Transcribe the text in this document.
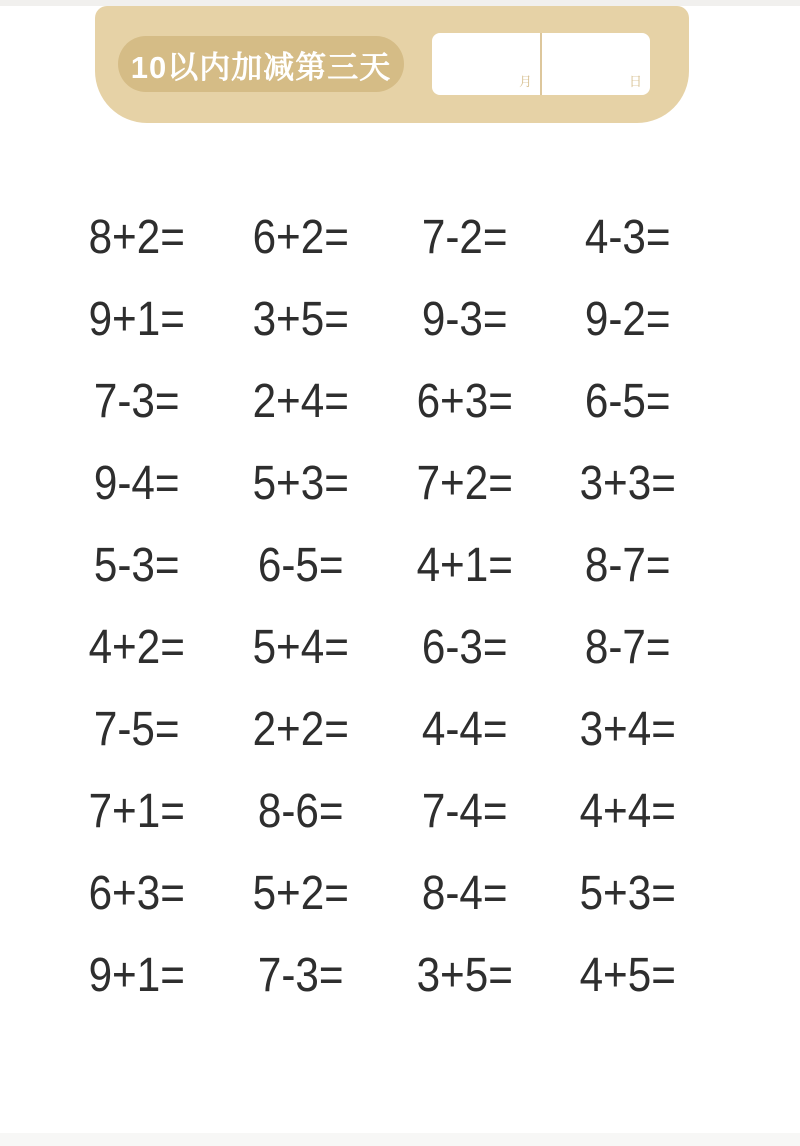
10以内加减第三天	月	日
8+2= 6+2= 7-2= 4-3=
9+1= 3+5= 9-3= 9-2=
7-3= 2+4= 6+3= 6-5=
9-4= 5+3= 7+2= 3+3=
5-3= 6-5= 4+1= 8-7=
4+2= 5+4= 6-3= 8-7=
7-5= 2+2= 4-4= 3+4=
7+1= 8-6= 7-4= 4+4=
6+3= 5+2= 8-4= 5+3=
9+1= 7-3= 3+5= 4+5=
